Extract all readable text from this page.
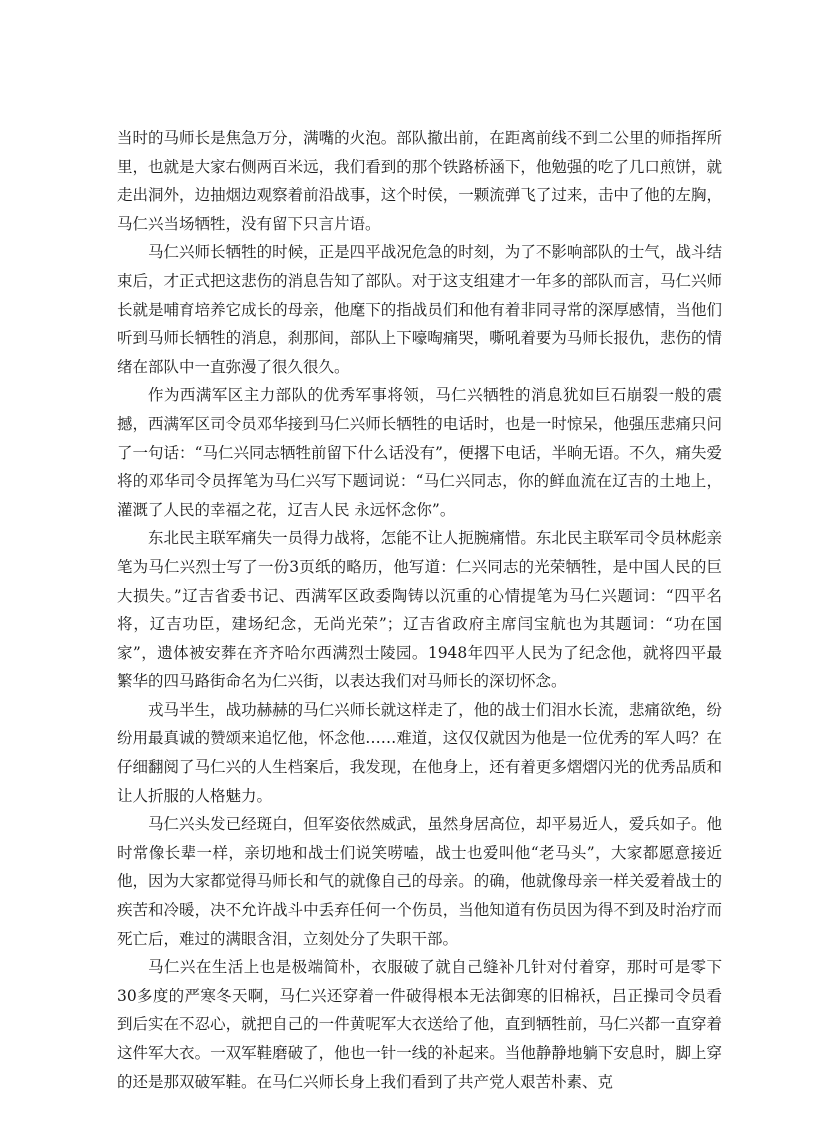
当时的马师长是焦急万分，满嘴的火泡。部队撤出前，在距离前线不到二公里的师指挥所里，也就是大家右侧两百米远，我们看到的那个铁路桥涵下，他勉强的吃了几口煎饼，就走出洞外，边抽烟边观察着前沿战事，这个时侯，一颗流弹飞了过来，击中了他的左胸，马仁兴当场牺牲，没有留下只言片语。

马仁兴师长牺牲的时候，正是四平战况危急的时刻，为了不影响部队的士气，战斗结束后，才正式把这悲伤的消息告知了部队。对于这支组建才一年多的部队而言，马仁兴师长就是哺育培养它成长的母亲，他麾下的指战员们和他有着非同寻常的深厚感情，当他们听到马师长牺牲的消息，刹那间，部队上下嚎啕痛哭，嘶吼着要为马师长报仇，悲伤的情绪在部队中一直弥漫了很久很久。

作为西满军区主力部队的优秀军事将领，马仁兴牺牲的消息犹如巨石崩裂一般的震撼，西满军区司令员邓华接到马仁兴师长牺牲的电话时，也是一时惊呆，他强压悲痛只问了一句话：“马仁兴同志牺牲前留下什么话没有”，便撂下电话，半晌无语。不久，痛失爱将的邓华司令员挥笔为马仁兴写下题词说：“马仁兴同志，你的鲜血流在辽吉的土地上，灌溉了人民的幸福之花，辽吉人民 永远怀念你”。

东北民主联军痛失一员得力战将，怎能不让人扼腕痛惜。东北民主联军司令员林彪亲笔为马仁兴烈士写了一份3页纸的略历，他写道：仁兴同志的光荣牺牲，是中国人民的巨大损失。”辽吉省委书记、西满军区政委陶铸以沉重的心情提笔为马仁兴题词：“四平名将，辽吉功臣，建场纪念，无尚光荣”；辽吉省政府主席闫宝航也为其题词：“功在国家”，遗体被安葬在齐齐哈尔西满烈士陵园。1948年四平人民为了纪念他，就将四平最繁华的四马路街命名为仁兴街，以表达我们对马师长的深切怀念。

戎马半生，战功赫赫的马仁兴师长就这样走了，他的战士们泪水长流，悲痛欲绝，纷纷用最真诚的赞颂来追忆他，怀念他……难道，这仅仅就因为他是一位优秀的军人吗？在仔细翻阅了马仁兴的人生档案后，我发现，在他身上，还有着更多熠熠闪光的优秀品质和让人折服的人格魅力。

马仁兴头发已经斑白，但军姿依然威武，虽然身居高位，却平易近人，爱兵如子。他时常像长辈一样，亲切地和战士们说笑唠嗑，战士也爱叫他“老马头”，大家都愿意接近他，因为大家都觉得马师长和气的就像自己的母亲。的确，他就像母亲一样关爱着战士的疾苦和冷暖，决不允许战斗中丢弃任何一个伤员，当他知道有伤员因为得不到及时治疗而死亡后，难过的满眼含泪，立刻处分了失职干部。

马仁兴在生活上也是极端简朴，衣服破了就自己缝补几针对付着穿，那时可是零下30多度的严寒冬天啊，马仁兴还穿着一件破得根本无法御寒的旧棉袄，吕正操司令员看到后实在不忍心，就把自己的一件黄呢军大衣送给了他，直到牺牲前，马仁兴都一直穿着这件军大衣。一双军鞋磨破了，他也一针一线的补起来。当他静静地躺下安息时，脚上穿的还是那双破军鞋。在马仁兴师长身上我们看到了共产党人艰苦朴素、克
